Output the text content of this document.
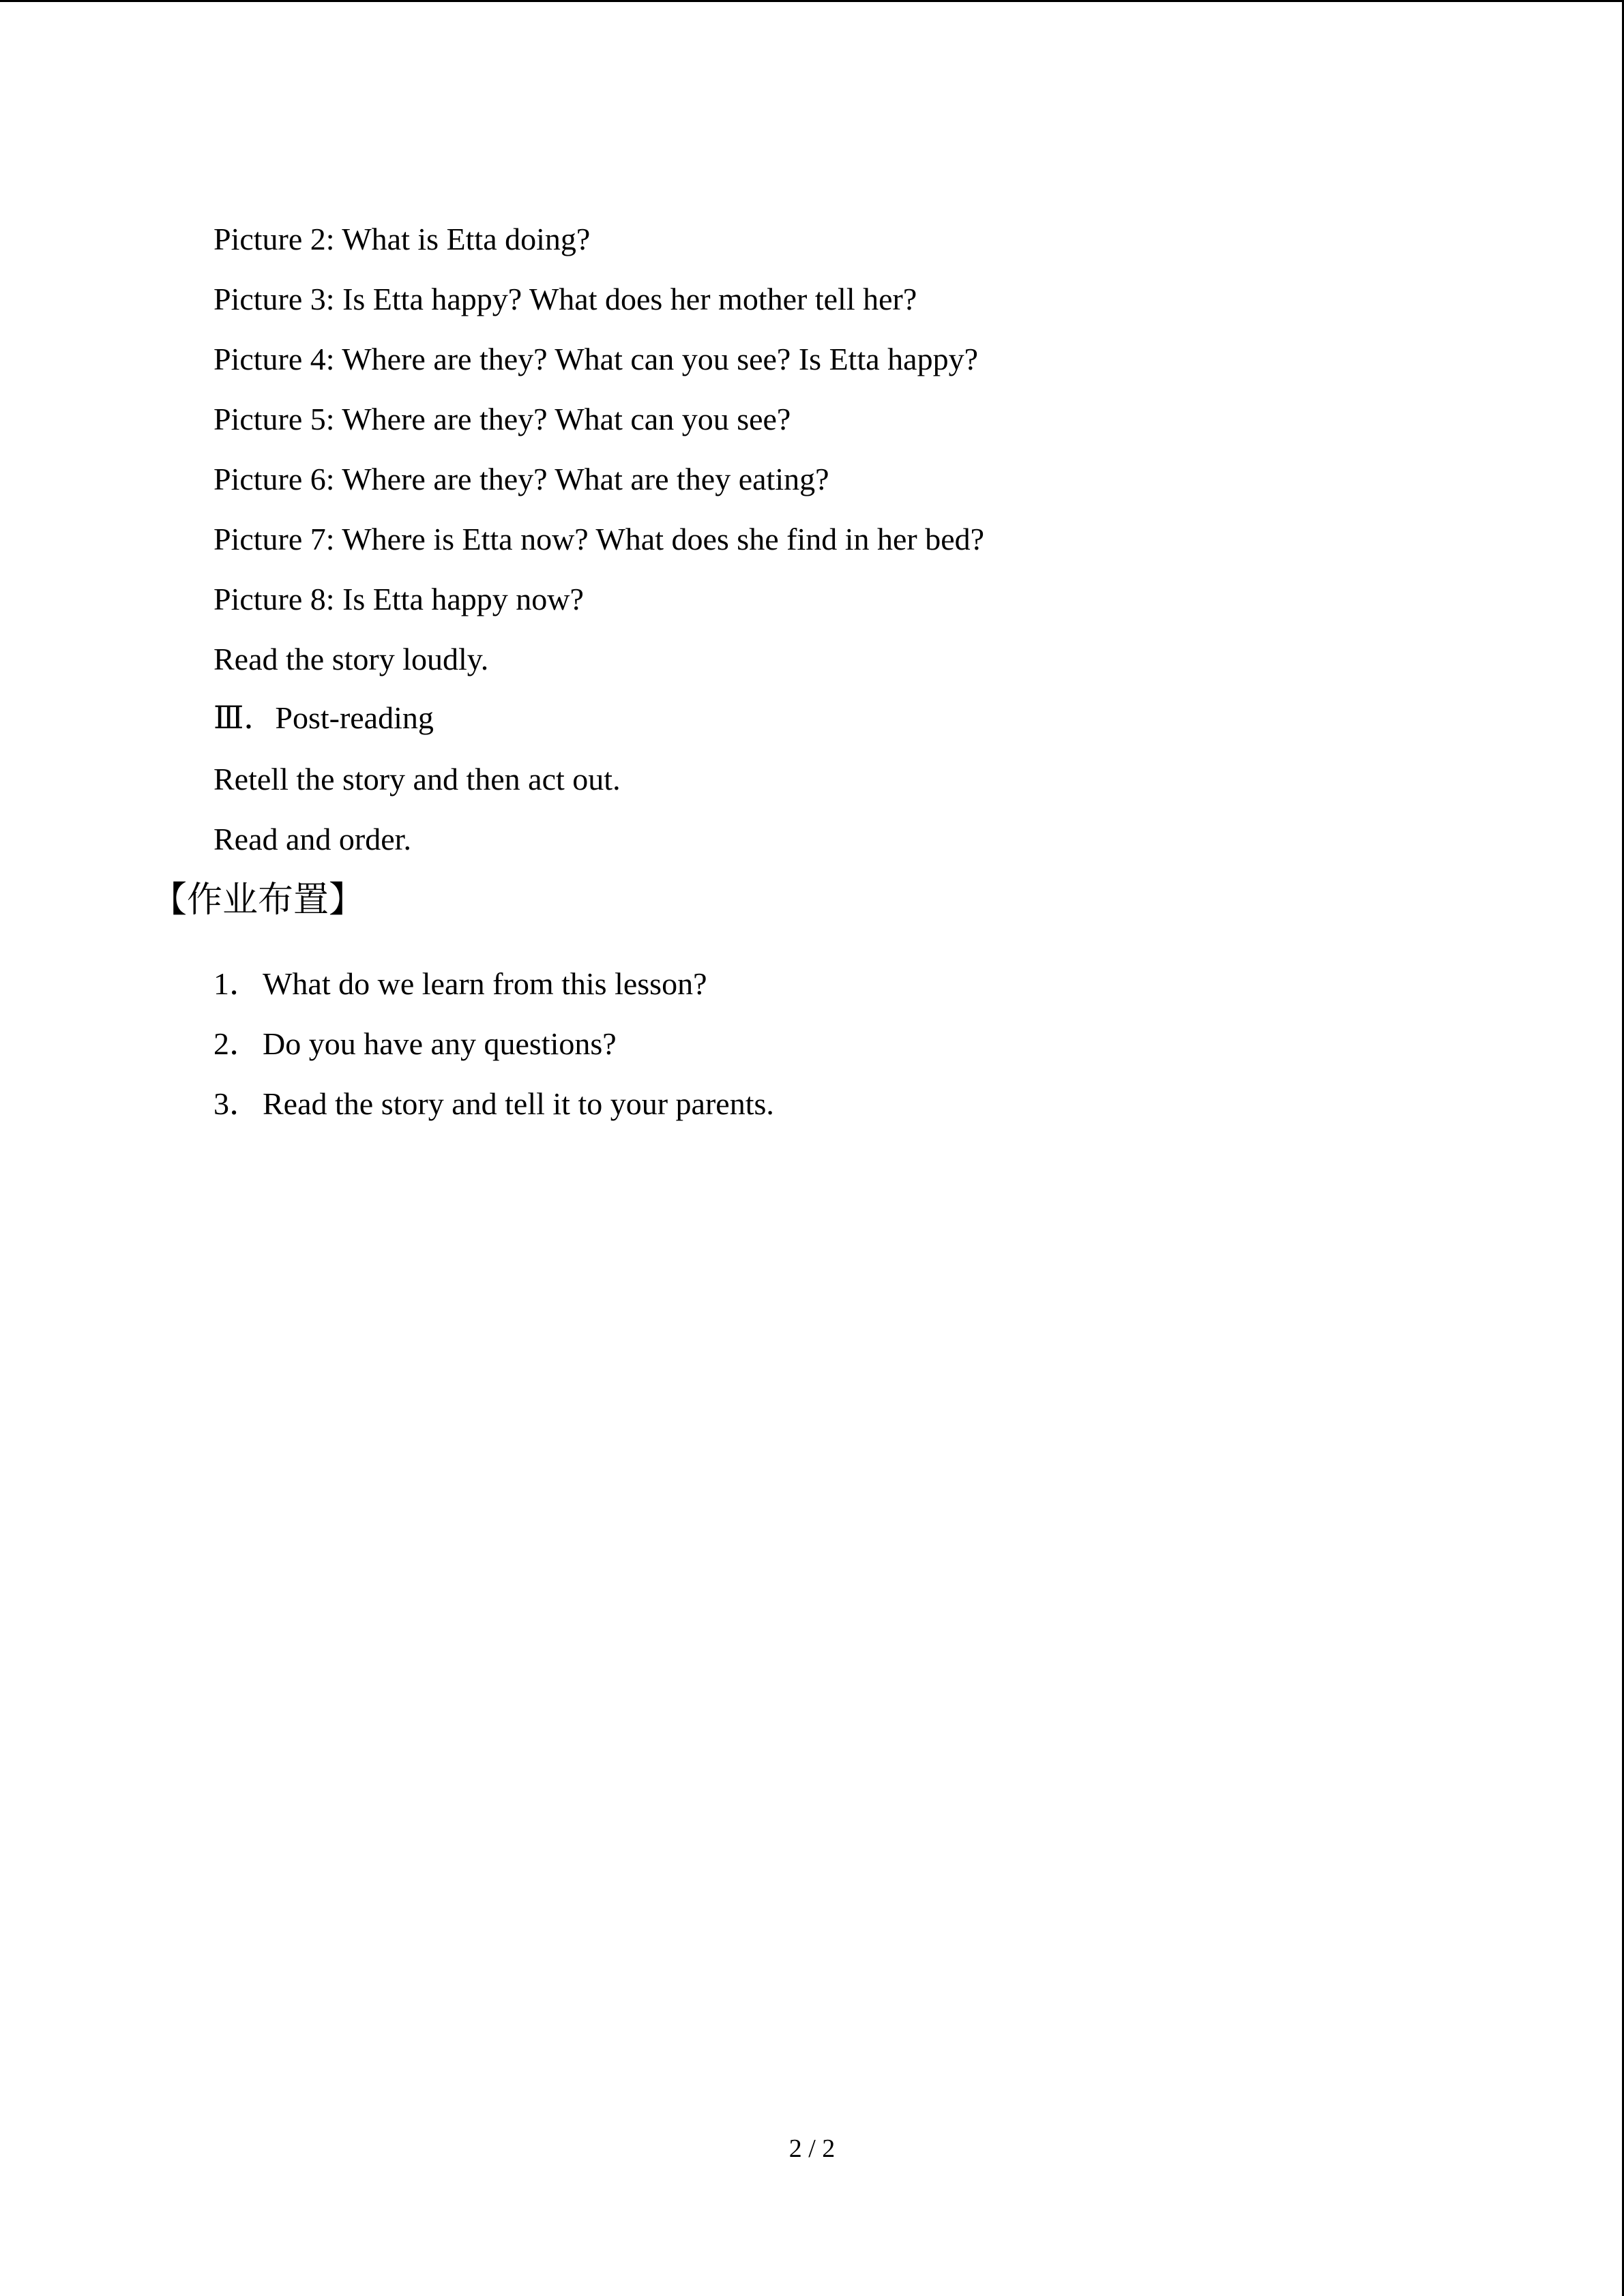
Picture 2: What is Etta doing?
Picture 3: Is Etta happy? What does her mother tell her?
Picture 4: Where are they? What can you see? Is Etta happy?
Picture 5: Where are they? What can you see?
Picture 6: Where are they? What are they eating?
Picture 7: Where is Etta now? What does she find in her bed?
Picture 8: Is Etta happy now?
Read the story loudly.
Ⅲ．Post-reading
Retell the story and then act out.
Read and order.
【作业布置】
1．What do we learn from this lesson?
2．Do you have any questions?
3．Read the story and tell it to your parents.
2 / 2
